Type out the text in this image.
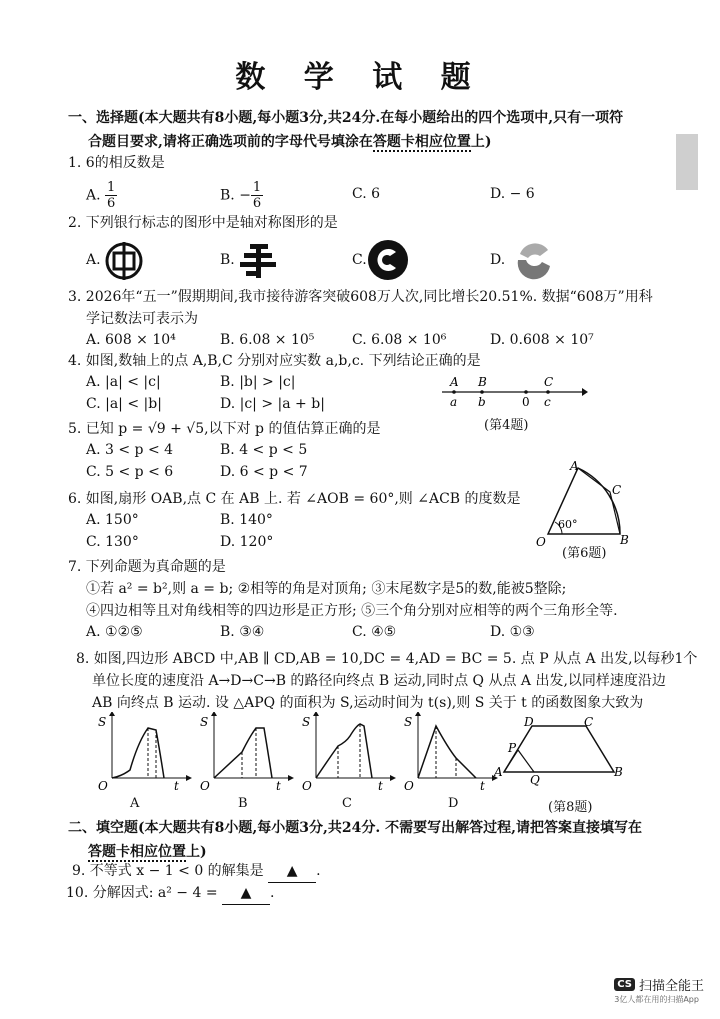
数 学 试 题
一、选择题(本大题共有8小题,每小题3分,共24分.在每小题给出的四个选项中,只有一项符
合题目要求,请将正确选项前的字母代号填涂在答题卡相应位置上)
1. 6的相反数是
A. $\frac{1}{6}$	B. − $\frac{1}{6}$	C. 6	D. − 6
2. 下列银行标志的图形中是轴对称图形的是
A.	B.	C.	D.
3. 2026年“五一”假期期间,我市接待游客突破608万人次,同比增长20.51%. 数据“608万”用科
学记数法可表示为
A. 608 × 10⁴	B. 6.08 × 10⁵	C. 6.08 × 10⁶	D. 0.608 × 10⁷
4. 如图,数轴上的点 A,B,C 分别对应实数 a,b,c. 下列结论正确的是
A. |a| < |c|	B. |b| > |c|
C. |a| < |b|	D. |c| > |a + b|
A B	C
a b	0 c
(第4题)
5. 已知 p = √9 + √5,以下对 p 的值估算正确的是
A. 3 < p < 4	B. 4 < p < 5
C. 5 < p < 6	D. 6 < p < 7
6. 如图,扇形 OAB,点 C 在 AB 上. 若 ∠AOB = 60°,则 ∠ACB 的度数是
A. 150°	B. 140°
C. 130°	D. 120°
A
C
B
O
60°
(第6题)
7. 下列命题为真命题的是
①若 a² = b²,则 a = b; ②相等的角是对顶角; ③末尾数字是5的数,能被5整除;
④四边相等且对角线相等的四边形是正方形; ⑤三个角分别对应相等的两个三角形全等.
A. ①②⑤	B. ③④	C. ④⑤	D. ①③
8. 如图,四边形 ABCD 中,AB ∥ CD,AB = 10,DC = 4,AD = BC = 5. 点 P 从点 A 出发,以每秒1个
单位长度的速度沿 A→D→C→B 的路径向终点 B 运动,同时点 Q 从点 A 出发,以同样速度沿边
AB 向终点 B 运动. 设 △APQ 的面积为 S,运动时间为 t(s),则 S 关于 t 的函数图象大致为
S
t
O
S
t
O
S
t
O
S
t
O
A	B	C	D
D	C
P
A	B
Q
(第8题)
二、填空题(本大题共有8小题,每小题3分,共24分. 不需要写出解答过程,请把答案直接填写在
答题卡相应位置上)
9. 不等式 x − 1 < 0 的解集是 ▲ .
10. 分解因式: a² − 4 = ▲ .
CS 扫描全能王
3亿人都在用的扫描App
